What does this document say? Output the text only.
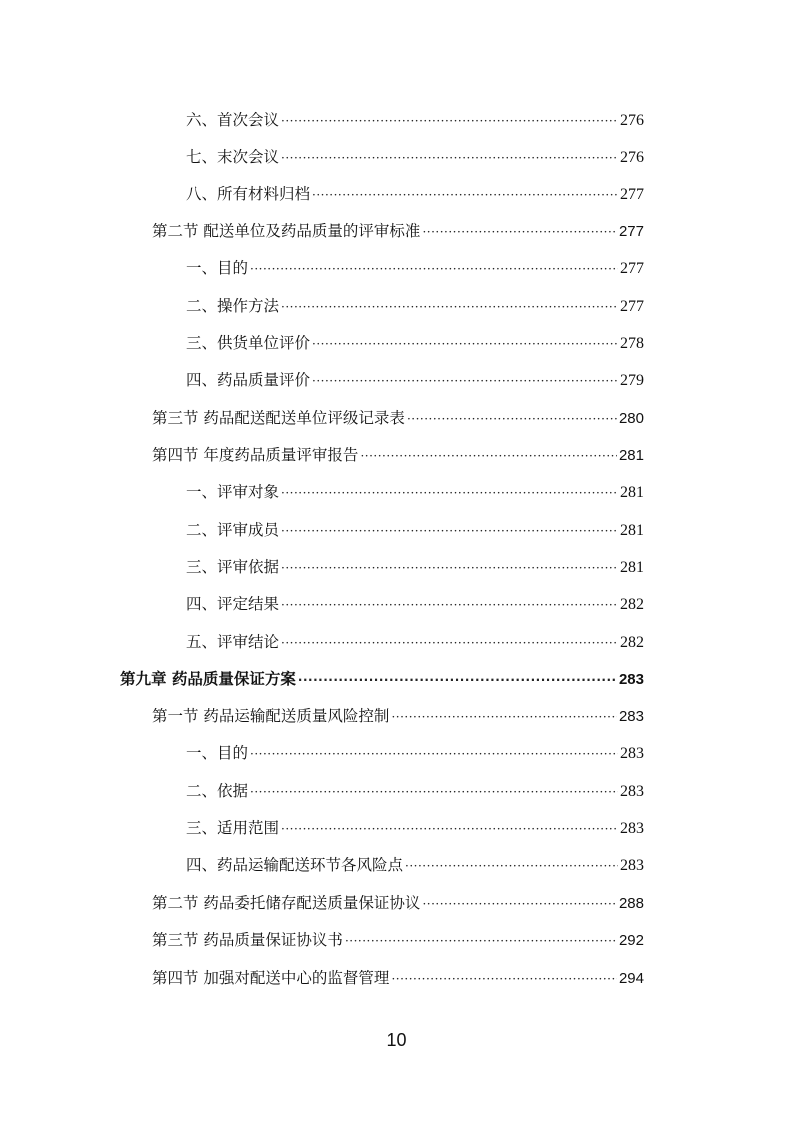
六、首次会议 ·····	276
七、末次会议 ·····	276
八、所有材料归档 ·····	277
第二节 配送单位及药品质量的评审标准 ·····	277
一、目的 ·····	277
二、操作方法 ·····	277
三、供货单位评价 ·····	278
四、药品质量评价 ·····	279
第三节 药品配送配送单位评级记录表 ·····	280
第四节 年度药品质量评审报告 ·····	281
一、评审对象 ·····	281
二、评审成员 ·····	281
三、评审依据 ·····	281
四、评定结果 ·····	282
五、评审结论 ·····	282
第九章 药品质量保证方案 ·····	283
第一节 药品运输配送质量风险控制 ·····	283
一、目的 ·····	283
二、依据 ·····	283
三、适用范围 ·····	283
四、药品运输配送环节各风险点 ·····	283
第二节 药品委托储存配送质量保证协议 ·····	288
第三节 药品质量保证协议书 ·····	292
第四节 加强对配送中心的监督管理 ·····	294
10
